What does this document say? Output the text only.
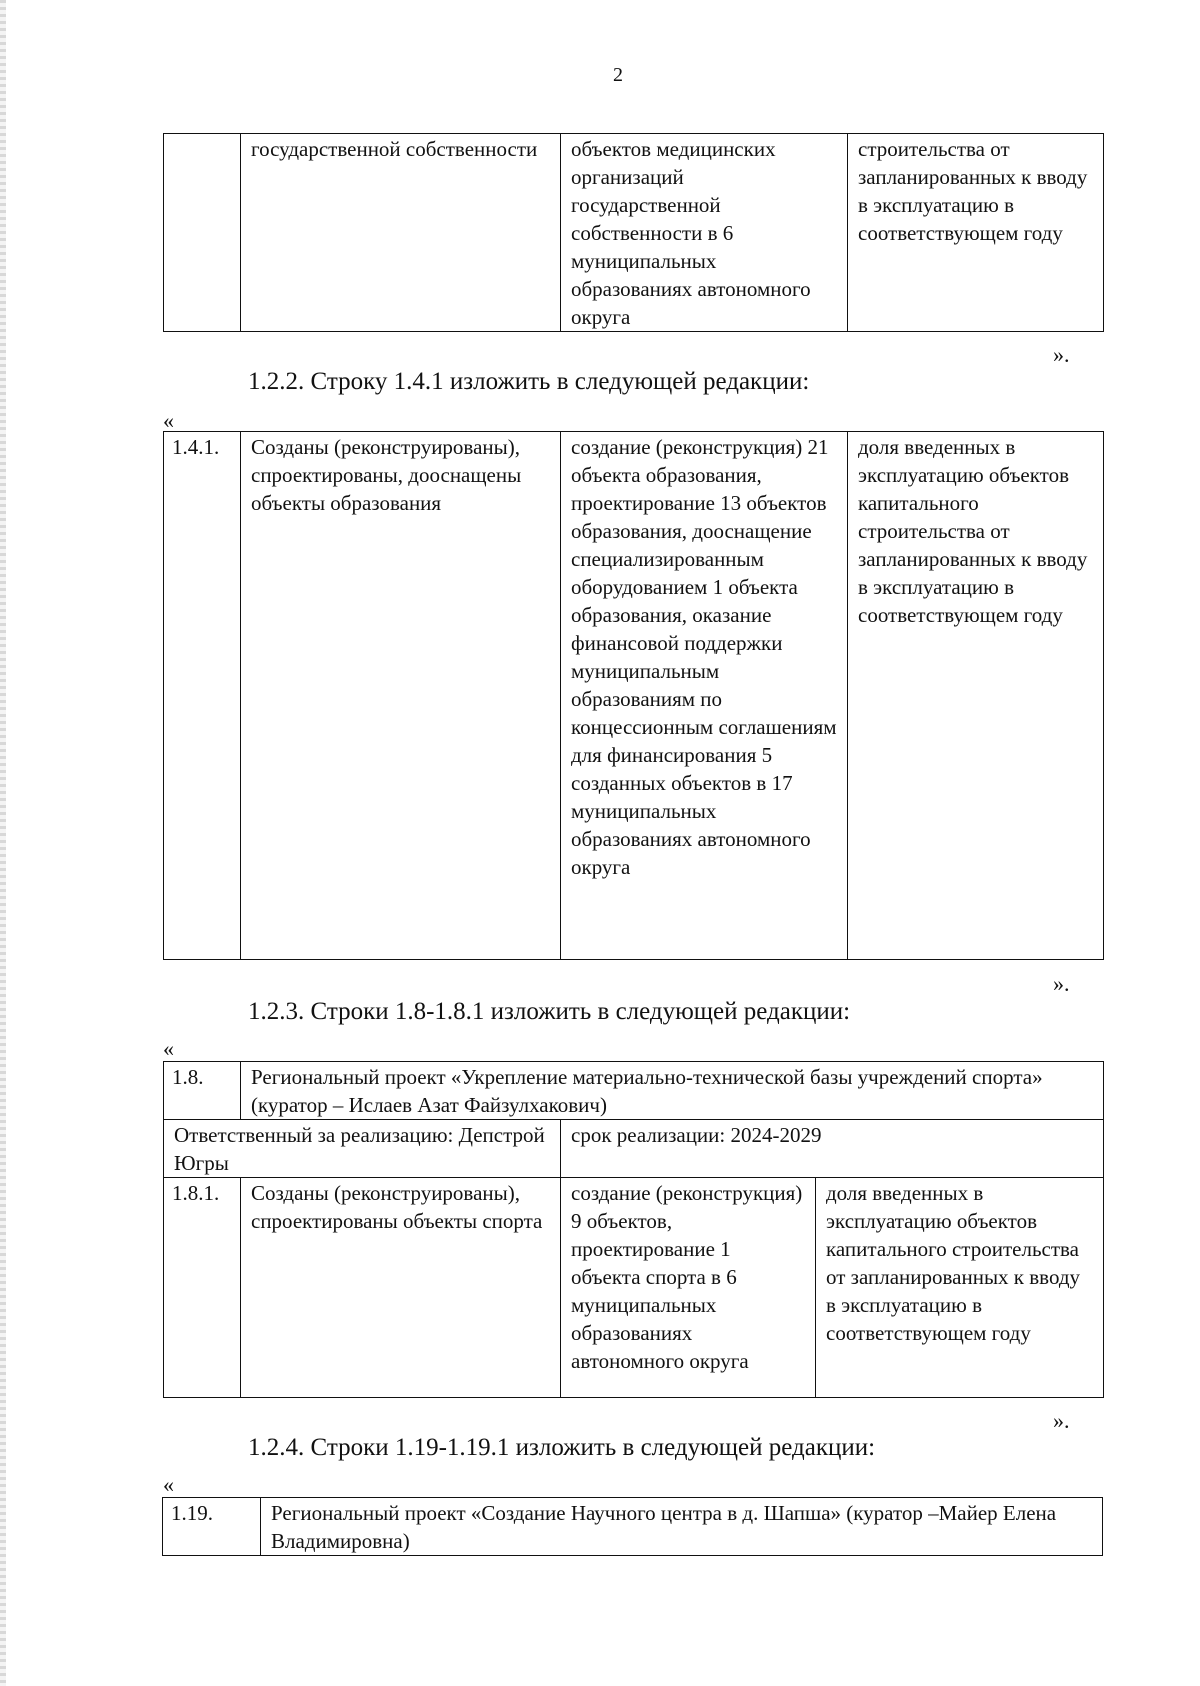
2
	государственной собственности	объектов медицинских организаций государственной собственности в 6 муниципальных образованиях автономного округа	строительства от запланированных к вводу в эксплуатацию в соответствующем году
».
1.2.2. Строку 1.4.1 изложить в следующей редакции:
«
1.4.1.	Созданы (реконструированы), спроектированы, дооснащены объекты образования	создание (реконструкция) 21 объекта образования, проектирование 13 объектов образования, дооснащение специализированным оборудованием 1 объекта образования, оказание финансовой поддержки муниципальным образованиям по концессионным соглашениям для финансирования 5 созданных объектов в 17 муниципальных образованиях автономного округа	доля введенных в эксплуатацию объектов капитального строительства от запланированных к вводу в эксплуатацию в соответствующем году
».
1.2.3. Строки 1.8-1.8.1 изложить в следующей редакции:
«
1.8.	Региональный проект «Укрепление материально-технической базы учреждений спорта» (куратор – Ислаев Азат Файзулхакович)		
Ответственный за реализацию: Депстрой Югры		срок реализации: 2024-2029	
1.8.1.	Созданы (реконструированы), спроектированы объекты спорта	создание (реконструкция) 9 объектов, проектирование 1 объекта спорта в 6 муниципальных образованиях автономного округа	доля введенных в эксплуатацию объектов капитального строительства от запланированных к вводу в эксплуатацию в соответствующем году
».
1.2.4. Строки 1.19-1.19.1 изложить в следующей редакции:
«
1.19.	Региональный проект «Создание Научного центра в д. Шапша» (куратор –Майер Елена Владимировна)
